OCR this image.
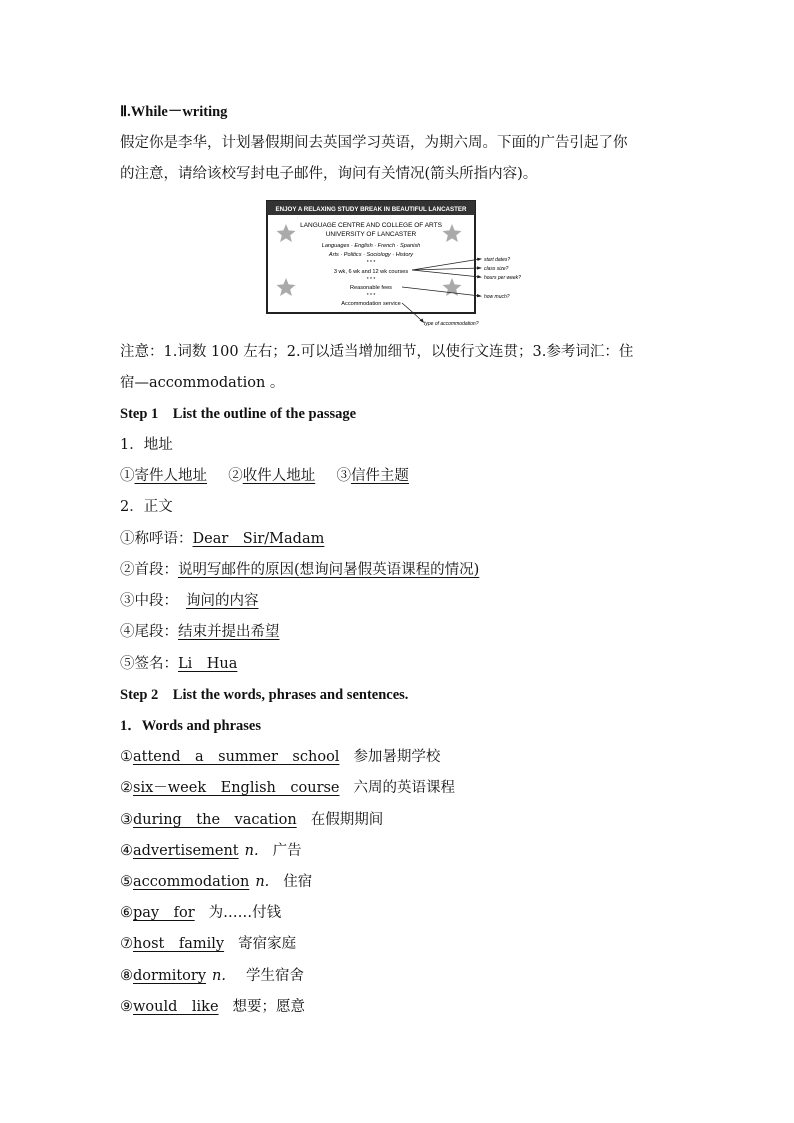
Ⅱ.While－writing
假定你是李华，计划暑假期间去英国学习英语，为期六周。下面的广告引起了你
的注意，请给该校写封电子邮件，询问有关情况(箭头所指内容)。
ENJOY A RELAXING STUDY BREAK IN BEAUTIFUL LANCASTER
LANGUAGE CENTRE AND COLLEGE OF ARTS
UNIVERSITY OF LANCASTER
Languages · English · French · Spanish
Arts · Politics · Sociology · History
* * *
3 wk, 6 wk and 12 wk courses
* * *
Reasonable fees
* * *
Accommodation service
start dates?
class size?
hours per week?
how much?
type of accommodation?
注意：1.词数 100 左右；2.可以适当增加细节，以使行文连贯；3.参考词汇：住
宿—accommodation 。
Step 1　List the outline of the passage
1．地址
①寄件人地址 ②收件人地址 ③信件主题
2．正文
①称呼语：Dear　Sir/Madam
②首段：说明写邮件的原因(想询问暑假英语课程的情况)
③中段： 询问的内容
④尾段：结束并提出希望
⑤签名：Li　Hua
Step 2　List the words, phrases and sentences.
1．Words and phrases
①attend　a　summer　school 参加暑期学校
②six－week　English　course 六周的英语课程
③during　the　vacation 在假期期间
④advertisement n. 广告
⑤accommodation n. 住宿
⑥pay　for 为……付钱
⑦host　family 寄宿家庭
⑧dormitory n. 学生宿舍
⑨would　like 想要；愿意
